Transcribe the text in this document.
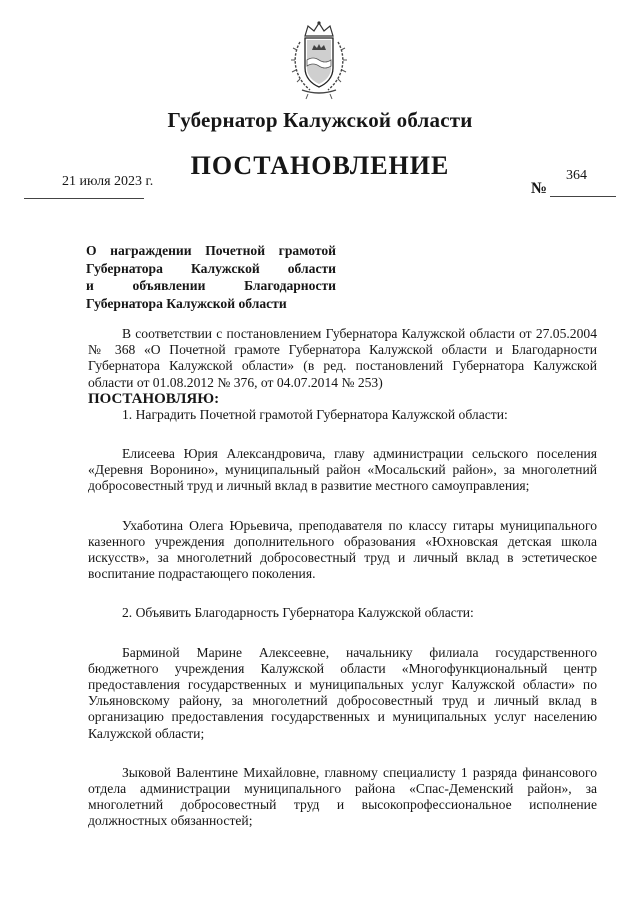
Губернатор Калужской области
ПОСТАНОВЛЕНИЕ
21 июля 2023 г.	№
364
О награждении Почетной грамотой
Губернатора Калужской области
и объявлении Благодарности
Губернатора Калужской области

В соответствии с постановлением Губернатора Калужской области от 27.05.2004 № 368 «О Почетной грамоте Губернатора Калужской области и Благодарности Губернатора Калужской области» (в ред. постановлений Губернатора Калужской области от 01.08.2012 № 376, от 04.07.2014 № 253)

ПОСТАНОВЛЯЮ:

1. Наградить Почетной грамотой Губернатора Калужской области:

Елисеева Юрия Александровича, главу администрации сельского поселения «Деревня Воронино», муниципальный район «Мосальский район», за многолетний добросовестный труд и личный вклад в развитие местного самоуправления;

Ухаботина Олега Юрьевича, преподавателя по классу гитары муниципального казенного учреждения дополнительного образования «Юхновская детская школа искусств», за многолетний добросовестный труд и личный вклад в эстетическое воспитание подрастающего поколения.

2. Объявить Благодарность Губернатора Калужской области:

Барминой Марине Алексеевне, начальнику филиала государственного бюджетного учреждения Калужской области «Многофункциональный центр предоставления государственных и муниципальных услуг Калужской области» по Ульяновскому району, за многолетний добросовестный труд и личный вклад в организацию предоставления государственных и муниципальных услуг населению Калужской области;

Зыковой Валентине Михайловне, главному специалисту 1 разряда финансового отдела администрации муниципального района «Спас-Деменский район», за многолетний добросовестный труд и высокопрофессиональное исполнение должностных обязанностей;
